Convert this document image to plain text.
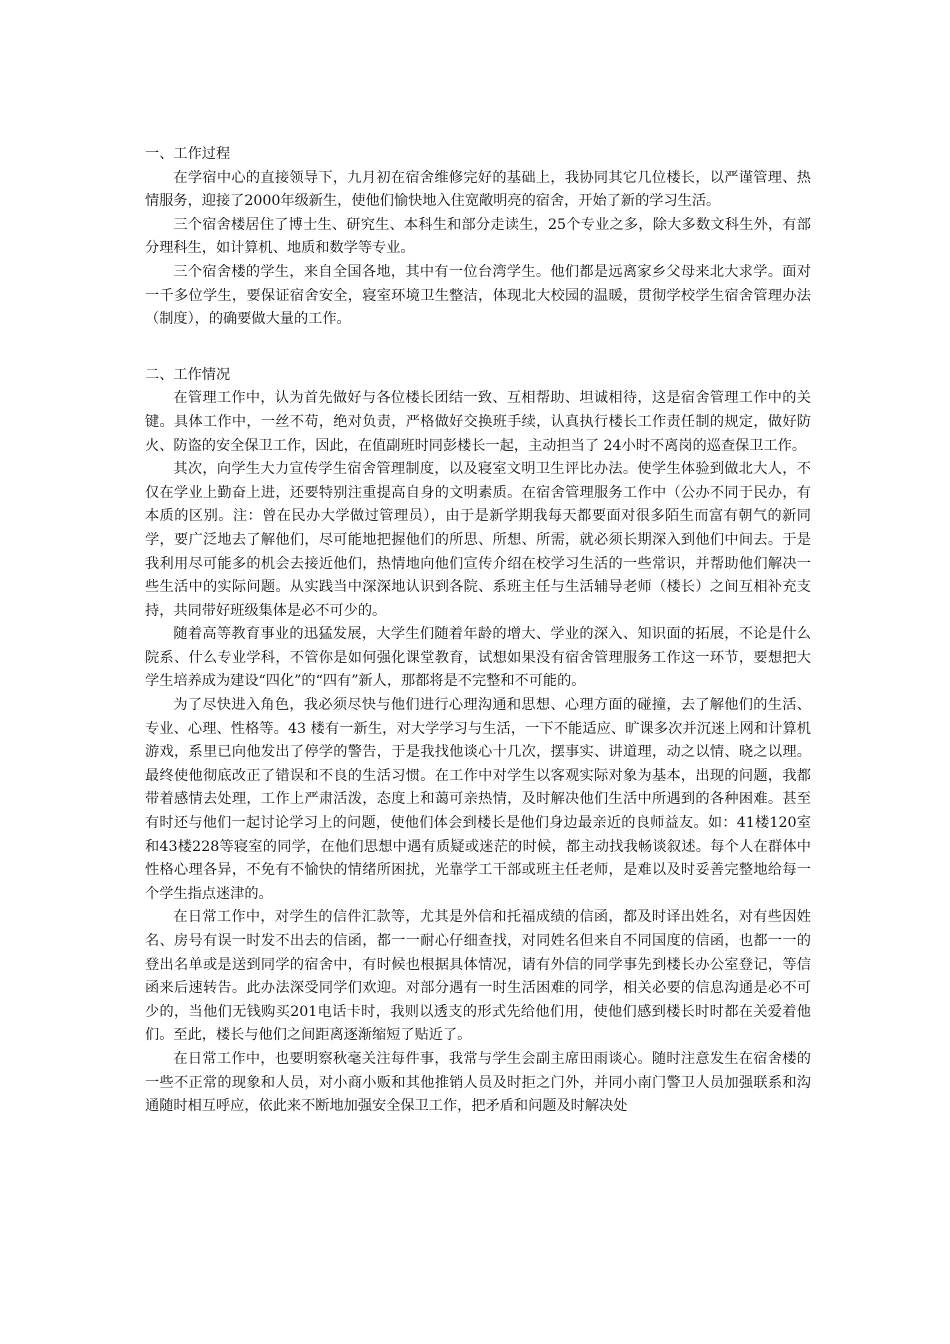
一、工作过程

在学宿中心的直接领导下，九月初在宿舍维修完好的基础上，我协同其它几位楼长，以严谨管理、热情服务，迎接了2000年级新生，使他们愉快地入住宽敞明亮的宿舍，开始了新的学习生活。

三个宿舍楼居住了博士生、研究生、本科生和部分走读生，25个专业之多，除大多数文科生外，有部分理科生，如计算机、地质和数学等专业。

三个宿舍楼的学生，来自全国各地，其中有一位台湾学生。他们都是远离家乡父母来北大求学。面对一千多位学生，要保证宿舍安全，寝室环境卫生整洁，体现北大校园的温暖，贯彻学校学生宿舍管理办法（制度），的确要做大量的工作。

二、工作情况

在管理工作中，认为首先做好与各位楼长团结一致、互相帮助、坦诚相待，这是宿舍管理工作中的关键。具体工作中，一丝不苟，绝对负责，严格做好交换班手续，认真执行楼长工作责任制的规定，做好防火、防盗的安全保卫工作，因此，在值副班时同彭楼长一起，主动担当了 24小时不离岗的巡查保卫工作。

其次，向学生大力宣传学生宿舍管理制度，以及寝室文明卫生评比办法。使学生体验到做北大人，不仅在学业上勤奋上进，还要特别注重提高自身的文明素质。在宿舍管理服务工作中（公办不同于民办，有本质的区别。注：曾在民办大学做过管理员），由于是新学期我每天都要面对很多陌生而富有朝气的新同学，要广泛地去了解他们，尽可能地把握他们的所思、所想、所需，就必须长期深入到他们中间去。于是我利用尽可能多的机会去接近他们，热情地向他们宣传介绍在校学习生活的一些常识，并帮助他们解决一些生活中的实际问题。从实践当中深深地认识到各院、系班主任与生活辅导老师（楼长）之间互相补充支持，共同带好班级集体是必不可少的。

随着高等教育事业的迅猛发展，大学生们随着年龄的增大、学业的深入、知识面的拓展，不论是什么院系、什么专业学科，不管你是如何强化课堂教育，试想如果没有宿舍管理服务工作这一环节，要想把大学生培养成为建设“四化”的“四有”新人，那都将是不完整和不可能的。

为了尽快进入角色，我必须尽快与他们进行心理沟通和思想、心理方面的碰撞，去了解他们的生活、专业、心理、性格等。43 楼有一新生，对大学学习与生活，一下不能适应、旷课多次并沉迷上网和计算机游戏，系里已向他发出了停学的警告，于是我找他谈心十几次，摆事实、讲道理，动之以情、晓之以理。最终使他彻底改正了错误和不良的生活习惯。在工作中对学生以客观实际对象为基本，出现的问题，我都带着感情去处理，工作上严肃活泼，态度上和蔼可亲热情，及时解决他们生活中所遇到的各种困难。甚至有时还与他们一起讨论学习上的问题，使他们体会到楼长是他们身边最亲近的良师益友。如：41楼120室和43楼228等寝室的同学，在他们思想中遇有质疑或迷茫的时候，都主动找我畅谈叙述。每个人在群体中性格心理各异，不免有不愉快的情绪所困扰，光靠学工干部或班主任老师，是难以及时妥善完整地给每一个学生指点迷津的。

在日常工作中，对学生的信件汇款等，尤其是外信和托福成绩的信函，都及时译出姓名，对有些因姓名、房号有误一时发不出去的信函，都一一耐心仔细查找，对同姓名但来自不同国度的信函，也都一一的登出名单或是送到同学的宿舍中，有时候也根据具体情况，请有外信的同学事先到楼长办公室登记，等信函来后速转告。此办法深受同学们欢迎。对部分遇有一时生活困难的同学，相关必要的信息沟通是必不可少的，当他们无钱购买201电话卡时，我则以透支的形式先给他们用，使他们感到楼长时时都在关爱着他们。至此，楼长与他们之间距离逐渐缩短了贴近了。

在日常工作中，也要明察秋毫关注每件事，我常与学生会副主席田雨谈心。随时注意发生在宿舍楼的一些不正常的现象和人员，对小商小贩和其他推销人员及时拒之门外，并同小南门警卫人员加强联系和沟通随时相互呼应，依此来不断地加强安全保卫工作，把矛盾和问题及时解决处
